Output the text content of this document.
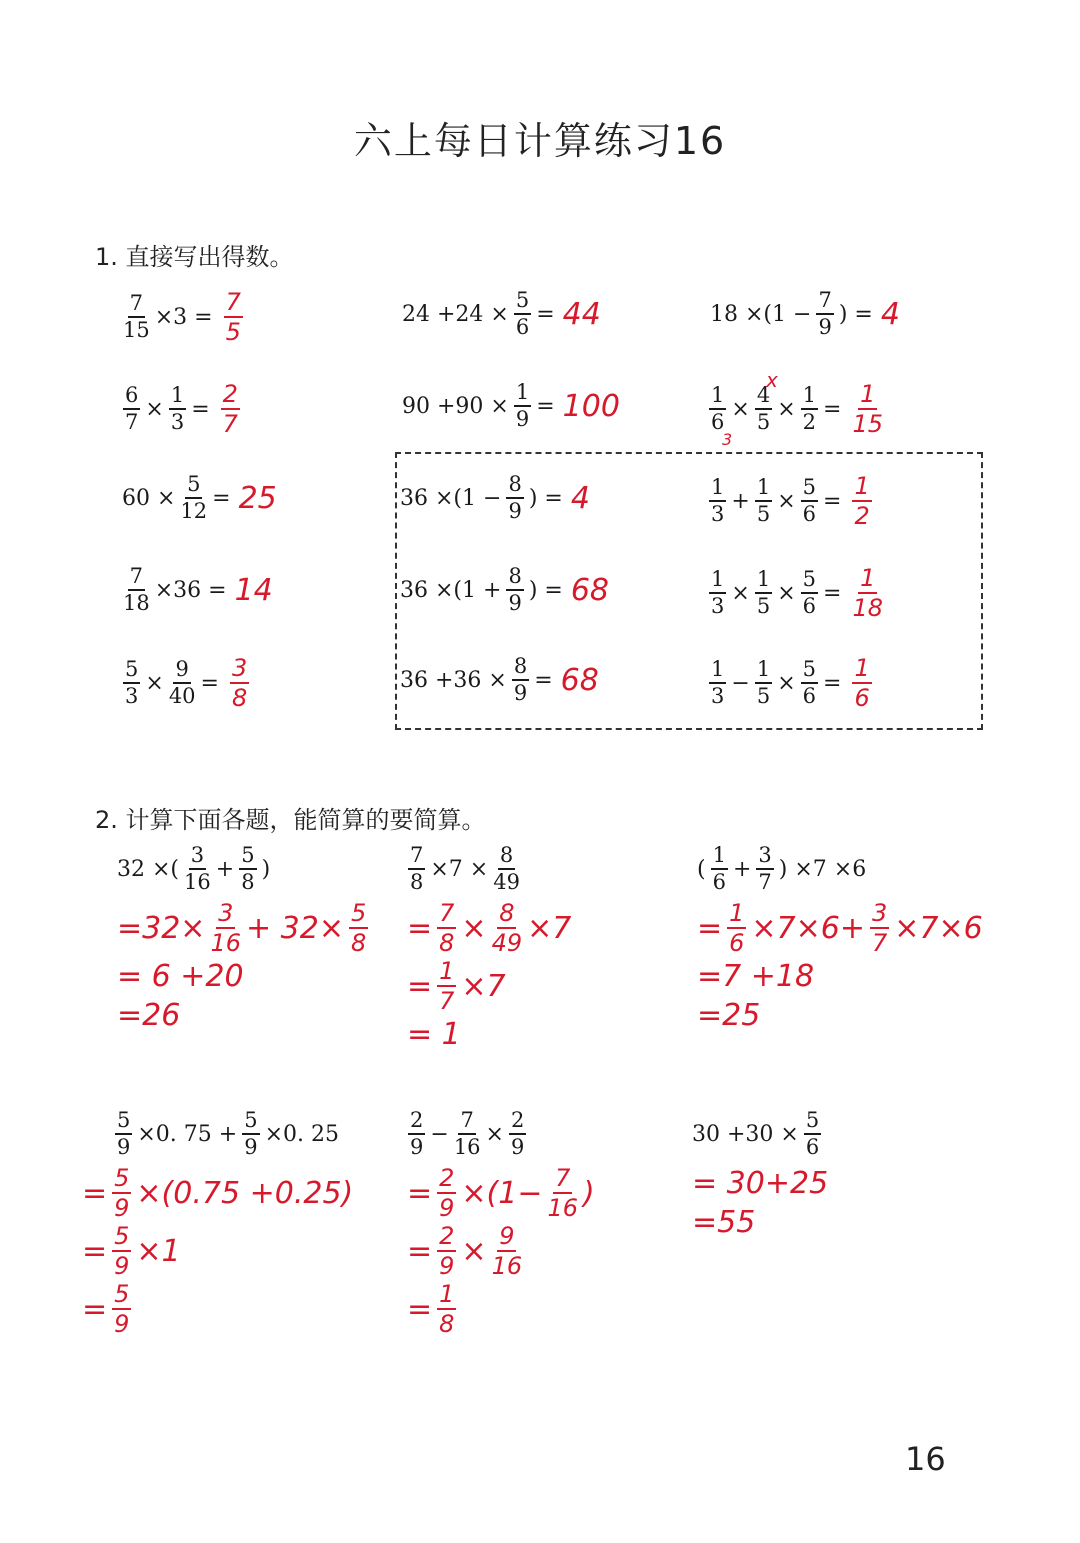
六上每日计算练习16
1. 直接写出得数。
$\frac{7}{15} \times 3 = \frac{7}{5}$	$24 +24 \times \frac{5}{6} = 44$	$18 \times(1 - \frac{7}{9}$ ) = 4
$\frac{6}{7} \times \frac{1}{3} = \frac{2}{7}$	$90 +90 \times \frac{1}{9} = 100$	$\frac{1}{6} \times \frac{4}{5} \times \frac{1}{2} = \frac{1}{15}$
x
3
$60 \times \frac{5}{12} = 25$	$36 \times(1 - \frac{8}{9}$ ) = 4	$\frac{1}{3} + \frac{1}{5} \times \frac{5}{6} = \frac{1}{2}$
$\frac{7}{18} \times 36 = 14$	$36 \times(1 + \frac{8}{9}$ ) = 68	$\frac{1}{3} \times \frac{1}{5} \times \frac{5}{6} = \frac{1}{18}$
$\frac{5}{3} \times \frac{9}{40} = \frac{3}{8}$	$36 +36 \times \frac{8}{9} = 68$	$\frac{1}{3} - \frac{1}{5} \times \frac{5}{6} = \frac{1}{6}$
2. 计算下面各题，能简算的要简算。
32 ×( $\frac{3}{16} + \frac{5}{8}$ )
$=32\times \frac{3}{16} + 32\times \frac{5}{8}$
= 6 +20
=26
$\frac{7}{8} \times 7 \times \frac{8}{49}$
= $\frac{7}{8} \times \frac{8}{49} \times 7$
= $\frac{1}{7} \times 7$
= 1
( $\frac{1}{6} + \frac{3}{7}$ ) ×7 ×6
= $\frac{1}{6} \times 7\times 6+ \frac{3}{7} \times 7\times 6$
=7 +18
=25
$\frac{5}{9} \times 0$. $75 + \frac{5}{9} \times 0$. 25
= $\frac{5}{9} \times(0.75 +0.25)$
= $\frac{5}{9} \times 1$
= $\frac{5}{9}$
$\frac{2}{9} - \frac{7}{16} \times \frac{2}{9}$
= $\frac{2}{9} \times(1- \frac{7}{16}$ )
= $\frac{2}{9} \times \frac{9}{16}$
= $\frac{1}{8}$
$30 +30 \times \frac{5}{6}$
= 30+25
=55
16
